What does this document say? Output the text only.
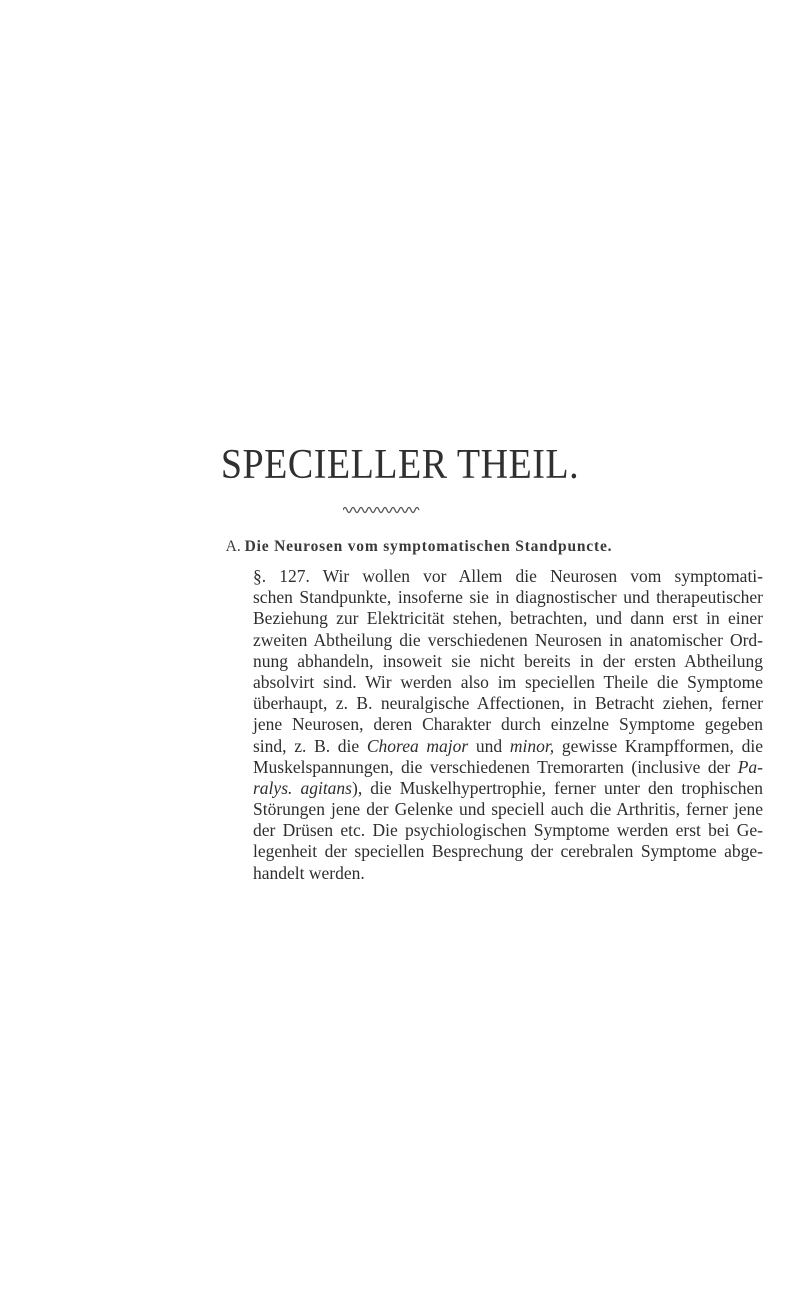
SPECIELLER THEIL.
A. Die Neurosen vom symptomatischen Standpuncte.
§. 127. Wir wollen vor Allem die Neurosen vom symptomati-
schen Standpunkte, insoferne sie in diagnostischer und therapeutischer
Beziehung zur Elektricität stehen, betrachten, und dann erst in einer
zweiten Abtheilung die verschiedenen Neurosen in anatomischer Ord-
nung abhandeln, insoweit sie nicht bereits in der ersten Abtheilung
absolvirt sind. Wir werden also im speciellen Theile die Symptome
überhaupt, z. B. neuralgische Affectionen, in Betracht ziehen, ferner
jene Neurosen, deren Charakter durch einzelne Symptome gegeben
sind, z. B. die Chorea major und minor, gewisse Krampfformen, die
Muskelspannungen, die verschiedenen Tremorarten (inclusive der Pa-
ralys. agitans), die Muskelhypertrophie, ferner unter den trophischen
Störungen jene der Gelenke und speciell auch die Arthritis, ferner jene
der Drüsen etc. Die psychiologischen Symptome werden erst bei Ge-
legenheit der speciellen Besprechung der cerebralen Symptome abge-
handelt werden.
